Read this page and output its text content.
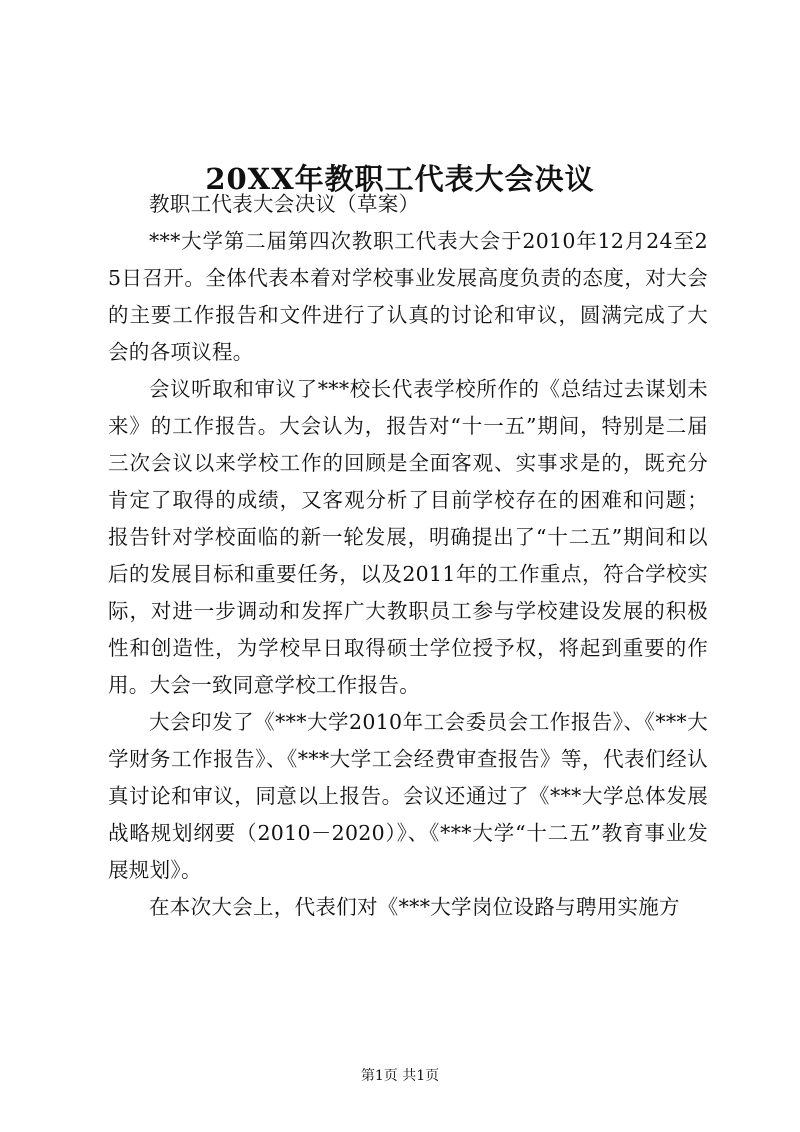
20XX年教职工代表大会决议

教职工代表大会决议（草案）

***大学第二届第四次教职工代表大会于2010年12月24至25日召开。全体代表本着对学校事业发展高度负责的态度，对大会的主要工作报告和文件进行了认真的讨论和审议，圆满完成了大会的各项议程。

会议听取和审议了***校长代表学校所作的《总结过去谋划未来》的工作报告。大会认为，报告对“十一五”期间，特别是二届三次会议以来学校工作的回顾是全面客观、实事求是的，既充分肯定了取得的成绩，又客观分析了目前学校存在的困难和问题；报告针对学校面临的新一轮发展，明确提出了“十二五”期间和以后的发展目标和重要任务，以及2011年的工作重点，符合学校实际，对进一步调动和发挥广大教职员工参与学校建设发展的积极性和创造性，为学校早日取得硕士学位授予权，将起到重要的作用。大会一致同意学校工作报告。

大会印发了《***大学2010年工会委员会工作报告》、《***大学财务工作报告》、《***大学工会经费审查报告》等，代表们经认真讨论和审议，同意以上报告。会议还通过了《***大学总体发展战略规划纲要（2010－2020）》、《***大学“十二五”教育事业发展规划》。

在本次大会上，代表们对《***大学岗位设路与聘用实施方

第1页 共1页
